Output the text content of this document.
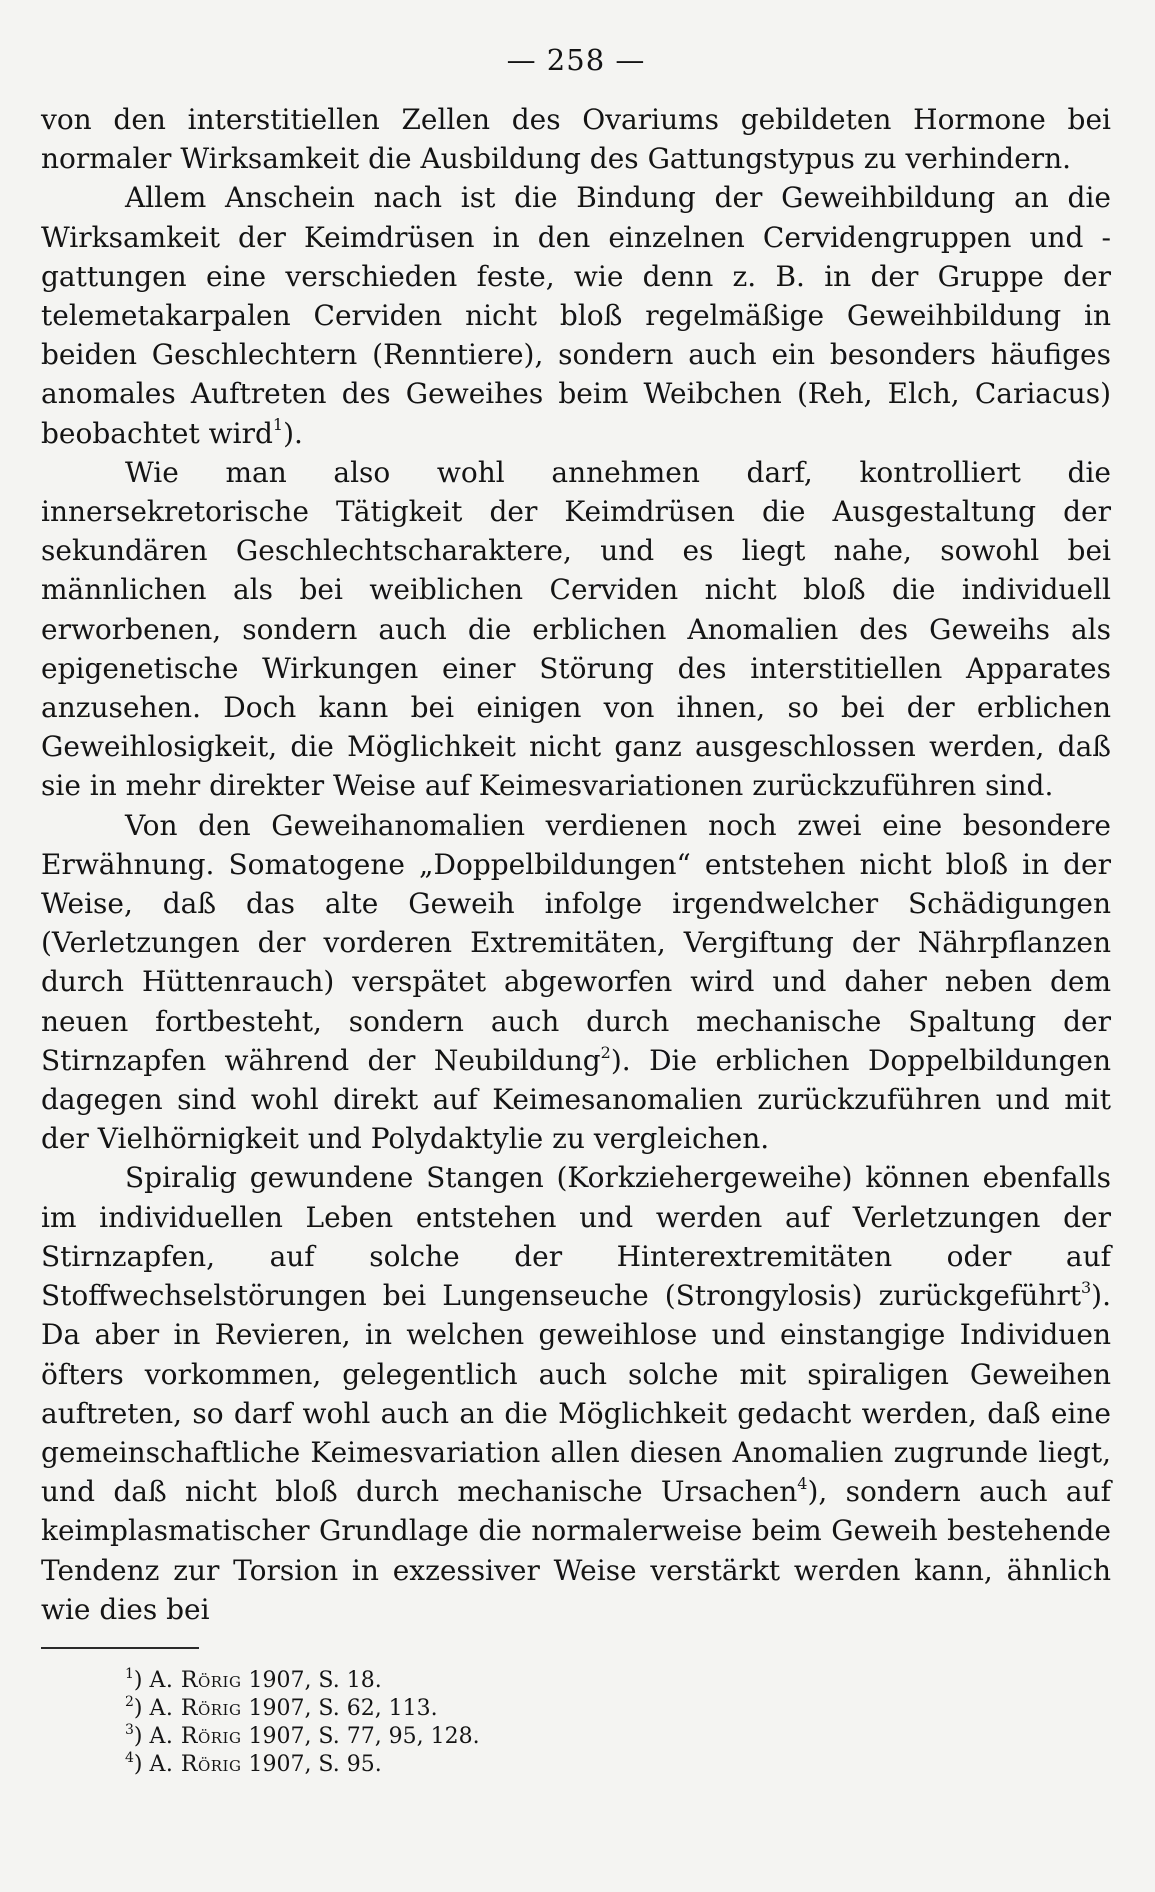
— 258 —

von den interstitiellen Zellen des Ovariums gebildeten Hormone bei normaler Wirksamkeit die Ausbildung des Gattungstypus zu verhindern.

Allem Anschein nach ist die Bindung der Geweihbildung an die Wirksamkeit der Keimdrüsen in den einzelnen Cervidengruppen und -gattungen eine verschieden feste, wie denn z. B. in der Gruppe der telemetakarpalen Cerviden nicht bloß regelmäßige Geweihbildung in beiden Geschlechtern (Renntiere), sondern auch ein besonders häufiges anomales Auftreten des Geweihes beim Weibchen (Reh, Elch, Cariacus) beobachtet wird$^1$).

Wie man also wohl annehmen darf, kontrolliert die innersekretorische Tätigkeit der Keimdrüsen die Ausgestaltung der sekundären Geschlechtscharaktere, und es liegt nahe, sowohl bei männlichen als bei weiblichen Cerviden nicht bloß die individuell erworbenen, sondern auch die erblichen Anomalien des Geweihs als epigenetische Wirkungen einer Störung des interstitiellen Apparates anzusehen. Doch kann bei einigen von ihnen, so bei der erblichen Geweihlosigkeit, die Möglichkeit nicht ganz ausgeschlossen werden, daß sie in mehr direkter Weise auf Keimesvariationen zurückzuführen sind.

Von den Geweihanomalien verdienen noch zwei eine besondere Erwähnung. Somatogene „Doppelbildungen“ entstehen nicht bloß in der Weise, daß das alte Geweih infolge irgendwelcher Schädigungen (Verletzungen der vorderen Extremitäten, Vergiftung der Nährpflanzen durch Hüttenrauch) verspätet abgeworfen wird und daher neben dem neuen fortbesteht, sondern auch durch mechanische Spaltung der Stirnzapfen während der Neubildung$^2$). Die erblichen Doppelbildungen dagegen sind wohl direkt auf Keimesanomalien zurückzuführen und mit der Vielhörnigkeit und Polydaktylie zu vergleichen.

Spiralig gewundene Stangen (Korkziehergeweihe) können ebenfalls im individuellen Leben entstehen und werden auf Verletzungen der Stirnzapfen, auf solche der Hinterextremitäten oder auf Stoffwechselstörungen bei Lungenseuche (Strongylosis) zurückgeführt$^3$). Da aber in Revieren, in welchen geweihlose und einstangige Individuen öfters vorkommen, gelegentlich auch solche mit spiraligen Geweihen auftreten, so darf wohl auch an die Möglichkeit gedacht werden, daß eine gemeinschaftliche Keimesvariation allen diesen Anomalien zugrunde liegt, und daß nicht bloß durch mechanische Ursachen$^4$), sondern auch auf keimplasmatischer Grundlage die normalerweise beim Geweih bestehende Tendenz zur Torsion in exzessiver Weise verstärkt werden kann, ähnlich wie dies bei

$^1$) A. Rörig 1907, S. 18.
$^2$) A. Rörig 1907, S. 62, 113.
$^3$) A. Rörig 1907, S. 77, 95, 128.
$^4$) A. Rörig 1907, S. 95.
